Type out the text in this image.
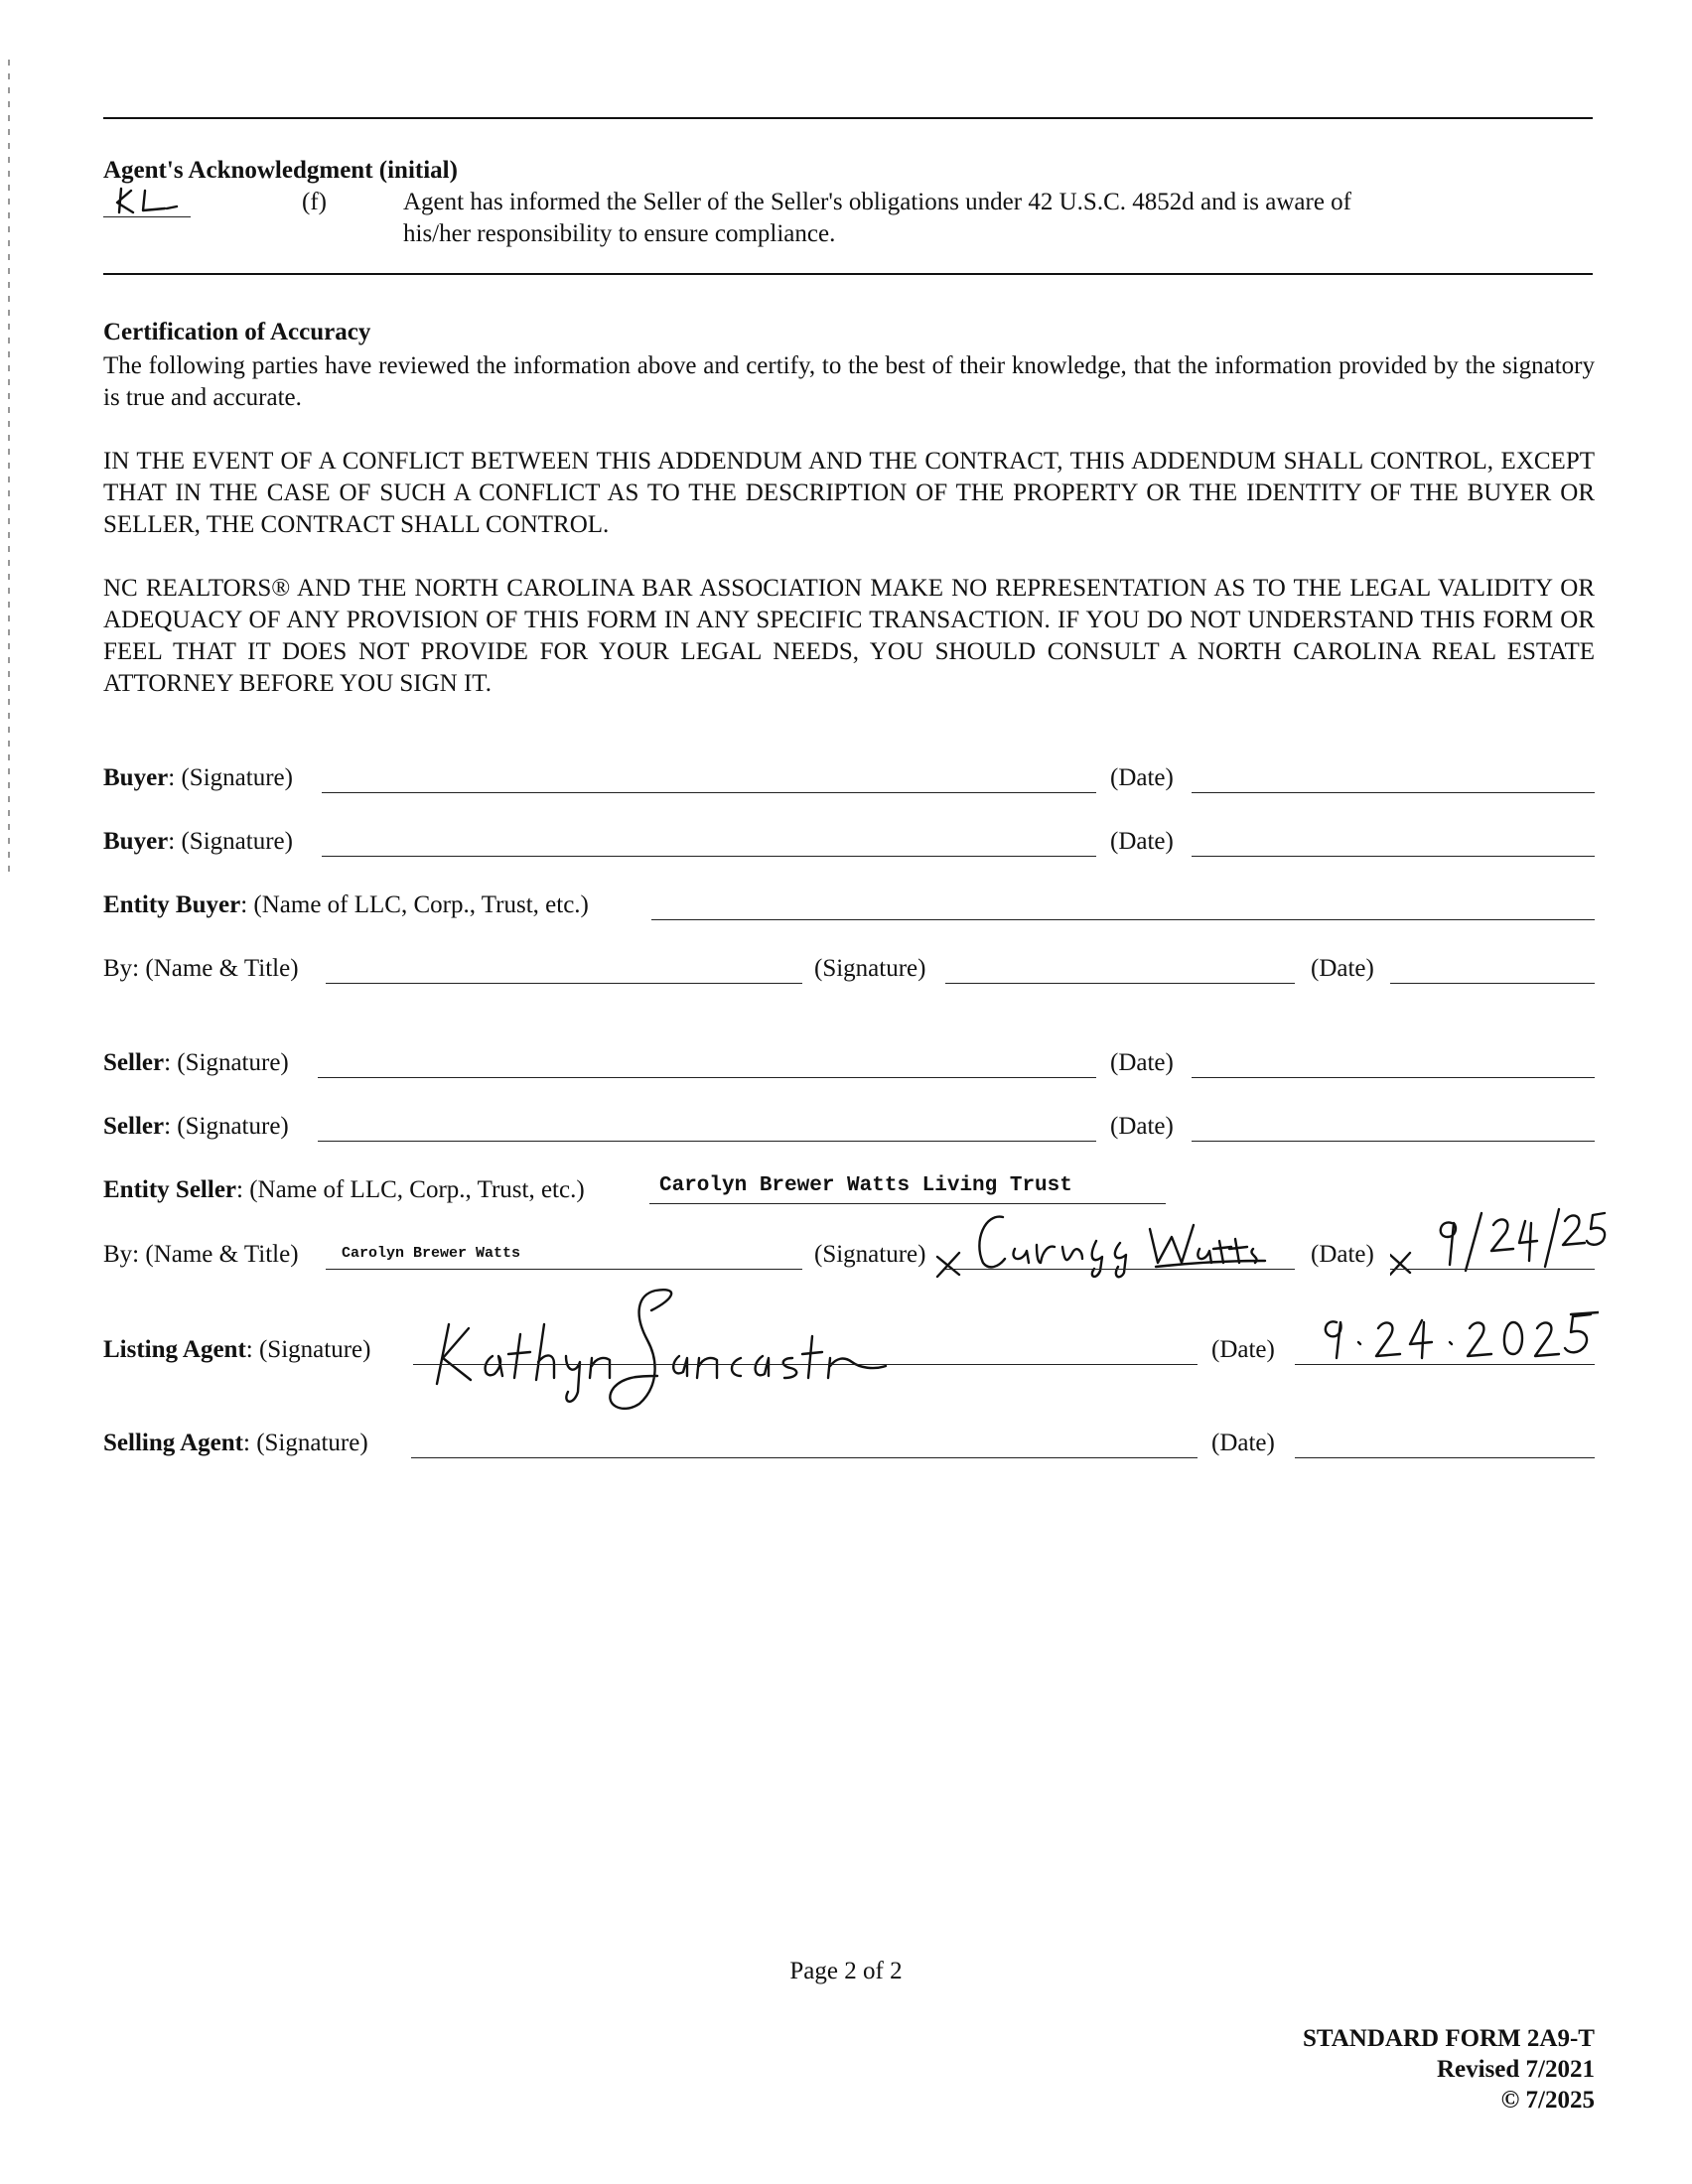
Agent's Acknowledgment (initial)
(f)	Agent has informed the Seller of the Seller's obligations under 42 U.S.C. 4852d and is aware of
his/her responsibility to ensure compliance.
Certification of Accuracy
The following parties have reviewed the information above and certify, to the best of their knowledge, that the information provided by the signatory is true and accurate.
IN THE EVENT OF A CONFLICT BETWEEN THIS ADDENDUM AND THE CONTRACT, THIS ADDENDUM SHALL CONTROL, EXCEPT THAT IN THE CASE OF SUCH A CONFLICT AS TO THE DESCRIPTION OF THE PROPERTY OR THE IDENTITY OF THE BUYER OR SELLER, THE CONTRACT SHALL CONTROL.
NC REALTORS® AND THE NORTH CAROLINA BAR ASSOCIATION MAKE NO REPRESENTATION AS TO THE LEGAL VALIDITY OR ADEQUACY OF ANY PROVISION OF THIS FORM IN ANY SPECIFIC TRANSACTION. IF YOU DO NOT UNDERSTAND THIS FORM OR FEEL THAT IT DOES NOT PROVIDE FOR YOUR LEGAL NEEDS, YOU SHOULD CONSULT A NORTH CAROLINA REAL ESTATE ATTORNEY BEFORE YOU SIGN IT.
Buyer: (Signature)	(Date)
Buyer: (Signature)	(Date)
Entity Buyer: (Name of LLC, Corp., Trust, etc.)
By: (Name & Title)	(Signature)	(Date)
Seller: (Signature)	(Date)
Seller: (Signature)	(Date)
Entity Seller: (Name of LLC, Corp., Trust, etc.)	Carolyn Brewer Watts Living Trust
By: (Name & Title)	Carolyn Brewer Watts	(Signature)	(Date)
Listing Agent: (Signature)	(Date)
Selling Agent: (Signature)	(Date)
Page 2 of 2
STANDARD FORM 2A9-T
Revised 7/2021
© 7/2025
